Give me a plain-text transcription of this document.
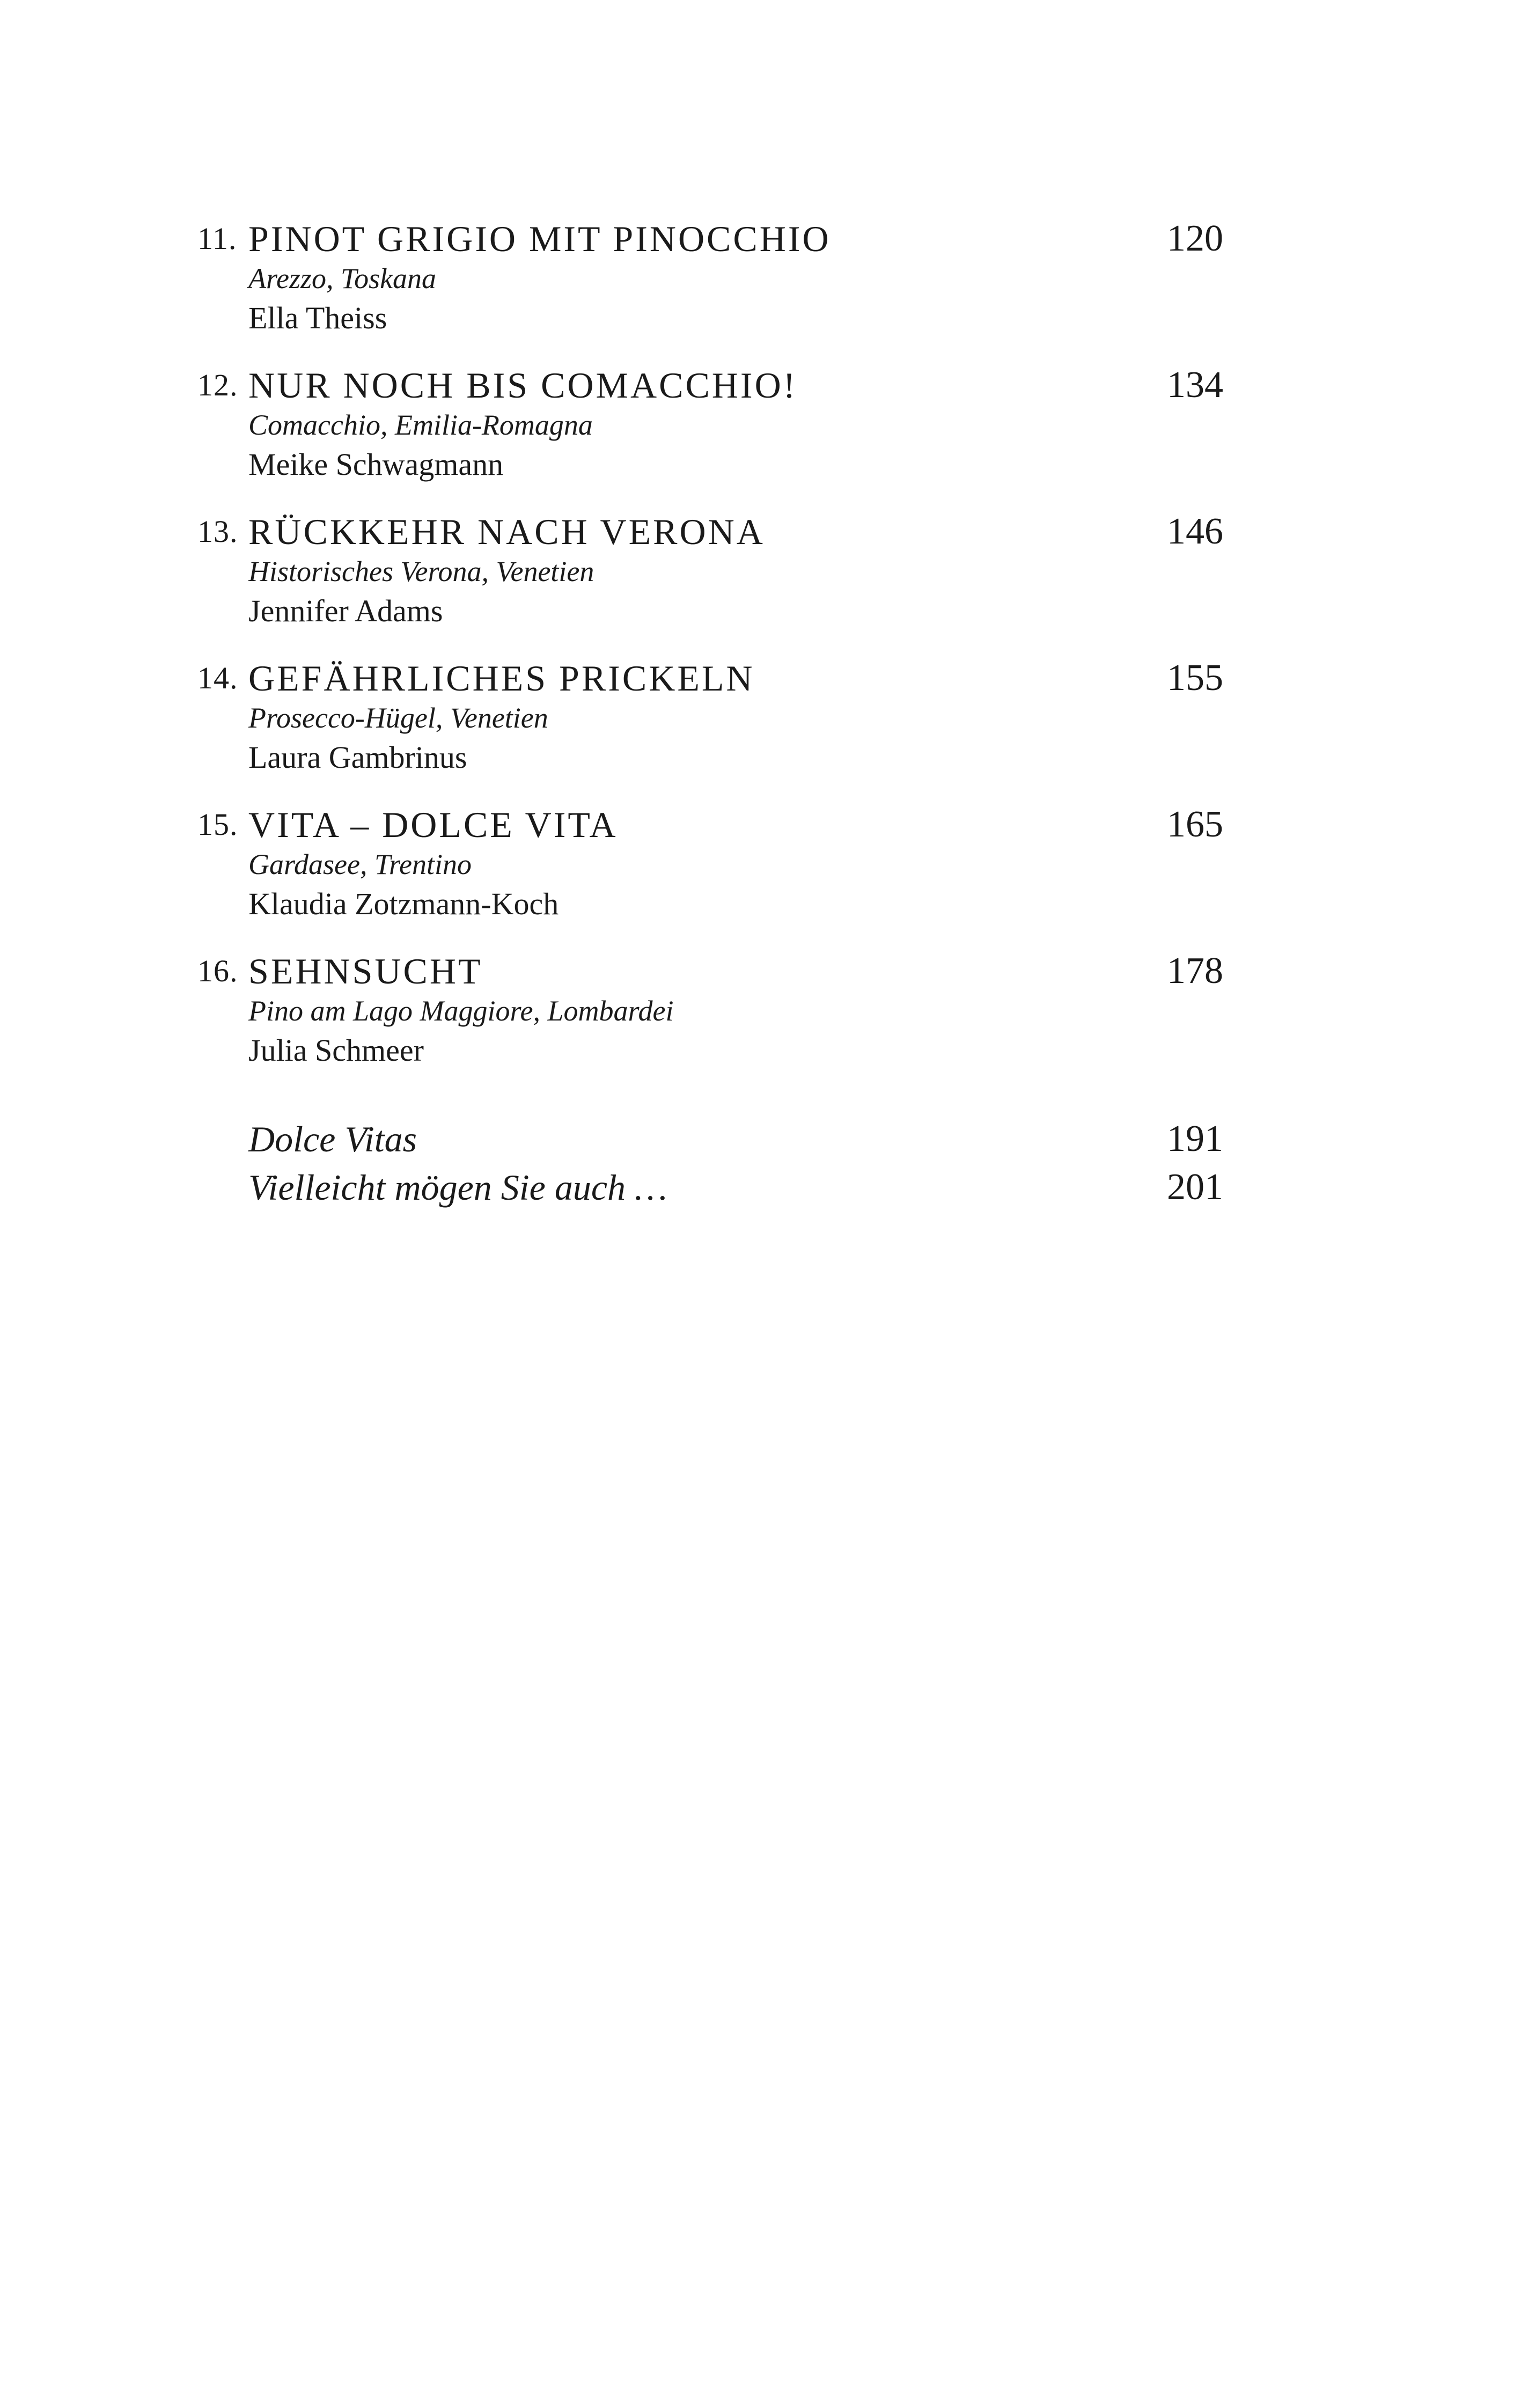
11. PINOT GRIGIO MIT PINOCCHIO	120
Arezzo, Toskana
Ella Theiss
12. NUR NOCH BIS COMACCHIO!	134
Comacchio, Emilia-Romagna
Meike Schwagmann
13. RÜCKKEHR NACH VERONA	146
Historisches Verona, Venetien
Jennifer Adams
14. GEFÄHRLICHES PRICKELN	155
Prosecco-Hügel, Venetien
Laura Gambrinus
15. VITA – DOLCE VITA	165
Gardasee, Trentino
Klaudia Zotzmann-Koch
16. SEHNSUCHT	178
Pino am Lago Maggiore, Lombardei
Julia Schmeer
Dolce Vitas	191
Vielleicht mögen Sie auch …	201
